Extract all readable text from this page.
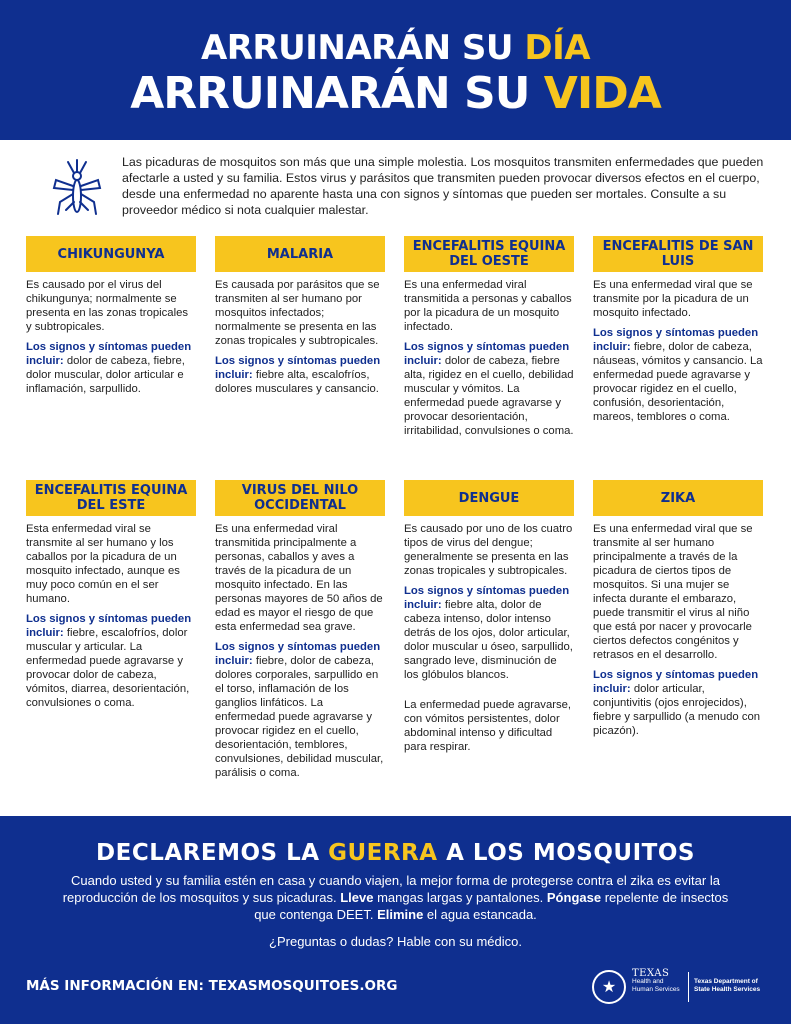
ARRUINARÁN SU DÍA
ARRUINARÁN SU VIDA
Las picaduras de mosquitos son más que una simple molestia. Los mosquitos transmiten enfermedades que pueden afectarle a usted y su familia. Estos virus y parásitos que transmiten pueden provocar diversos efectos en el cuerpo, desde una enfermedad no aparente hasta una con signos y síntomas que pueden ser mortales. Consulte a su proveedor médico si nota cualquier malestar.
CHIKUNGUNYA
Es causado por el virus del chikungunya; normalmente se presenta en las zonas tropicales y subtropicales.
Los signos y síntomas pueden incluir: dolor de cabeza, fiebre, dolor muscular, dolor articular e inflamación, sarpullido.
MALARIA
Es causada por parásitos que se transmiten al ser humano por mosquitos infectados; normalmente se presenta en las zonas tropicales y subtropicales.
Los signos y síntomas pueden incluir: fiebre alta, escalofríos, dolores musculares y cansancio.
ENCEFALITIS EQUINA DEL OESTE
Es una enfermedad viral transmitida a personas y caballos por la picadura de un mosquito infectado.
Los signos y síntomas pueden incluir: dolor de cabeza, fiebre alta, rigidez en el cuello, debilidad muscular y vómitos. La enfermedad puede agravarse y provocar desorientación, irritabilidad, convulsiones o coma.
ENCEFALITIS DE SAN LUIS
Es una enfermedad viral que se transmite por la picadura de un mosquito infectado.
Los signos y síntomas pueden incluir: fiebre, dolor de cabeza, náuseas, vómitos y cansancio. La enfermedad puede agravarse y provocar rigidez en el cuello, confusión, desorientación, mareos, temblores o coma.
ENCEFALITIS EQUINA DEL ESTE
Esta enfermedad viral se transmite al ser humano y los caballos por la picadura de un mosquito infectado, aunque es muy poco común en el ser humano.
Los signos y síntomas pueden incluir: fiebre, escalofríos, dolor muscular y articular. La enfermedad puede agravarse y provocar dolor de cabeza, vómitos, diarrea, desorientación, convulsiones o coma.
VIRUS DEL NILO OCCIDENTAL
Es una enfermedad viral transmitida principalmente a personas, caballos y aves a través de la picadura de un mosquito infectado. En las personas mayores de 50 años de edad es mayor el riesgo de que esta enfermedad sea grave.
Los signos y síntomas pueden incluir: fiebre, dolor de cabeza, dolores corporales, sarpullido en el torso, inflamación de los ganglios linfáticos. La enfermedad puede agravarse y provocar rigidez en el cuello, desorientación, temblores, convulsiones, debilidad muscular, parálisis o coma.
DENGUE
Es causado por uno de los cuatro tipos de virus del dengue; generalmente se presenta en las zonas tropicales y subtropicales.
Los signos y síntomas pueden incluir: fiebre alta, dolor de cabeza intenso, dolor intenso detrás de los ojos, dolor articular, dolor muscular u óseo, sarpullido, sangrado leve, disminución de los glóbulos blancos.
La enfermedad puede agravarse, con vómitos persistentes, dolor abdominal intenso y dificultad para respirar.
ZIKA
Es una enfermedad viral que se transmite al ser humano principalmente a través de la picadura de ciertos tipos de mosquitos. Si una mujer se infecta durante el embarazo, puede transmitir el virus al niño que está por nacer y provocarle ciertos defectos congénitos y retrasos en el desarrollo.
Los signos y síntomas pueden incluir: dolor articular, conjuntivitis (ojos enrojecidos), fiebre y sarpullido (a menudo con picazón).
DECLAREMOS LA GUERRA A LOS MOSQUITOS
Cuando usted y su familia estén en casa y cuando viajen, la mejor forma de protegerse contra el zika es evitar la reproducción de los mosquitos y sus picaduras. Lleve mangas largas y pantalones. Póngase repelente de insectos que contenga DEET. Elimine el agua estancada.
¿Preguntas o dudas? Hable con su médico.
MÁS INFORMACIÓN EN: TEXASMOSQUITOES.ORG	★
TEXAS
Health and Human Services
Texas Department of State Health Services
